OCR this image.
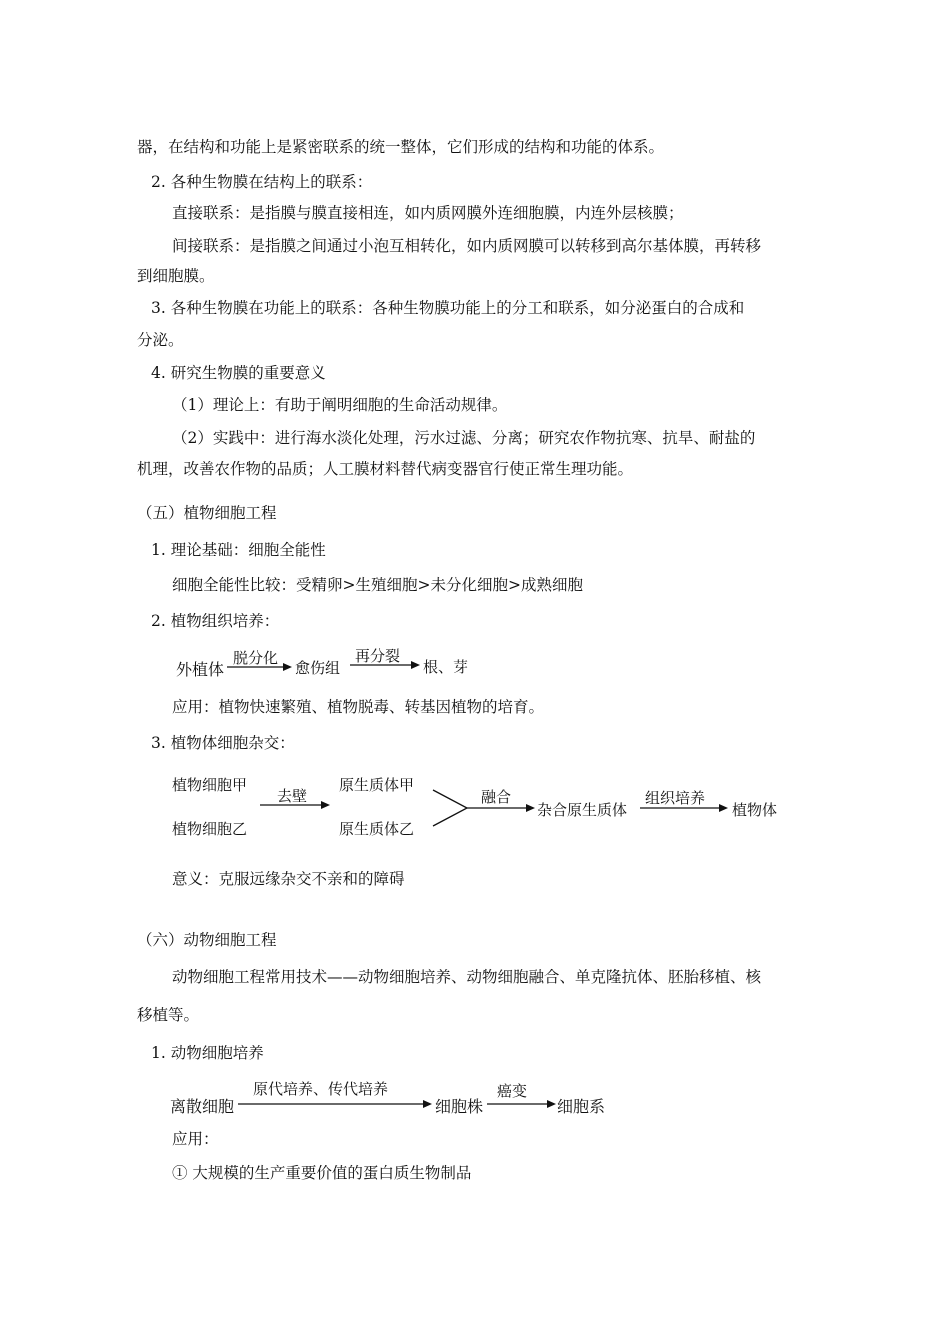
器，在结构和功能上是紧密联系的统一整体，它们形成的结构和功能的体系。
2. 各种生物膜在结构上的联系：
直接联系：是指膜与膜直接相连，如内质网膜外连细胞膜，内连外层核膜；
间接联系：是指膜之间通过小泡互相转化，如内质网膜可以转移到高尔基体膜，再转移
到细胞膜。
3. 各种生物膜在功能上的联系：各种生物膜功能上的分工和联系，如分泌蛋白的合成和
分泌。
4. 研究生物膜的重要意义
（1）理论上：有助于阐明细胞的生命活动规律。
（2）实践中：进行海水淡化处理，污水过滤、分离；研究农作物抗寒、抗旱、耐盐的
机理，改善农作物的品质；人工膜材料替代病变器官行使正常生理功能。
（五）植物细胞工程
1. 理论基础：细胞全能性
细胞全能性比较：受精卵>生殖细胞>未分化细胞>成熟细胞
2. 植物组织培养：
外植体
脱分化
愈伤组
再分裂
根、芽
应用：植物快速繁殖、植物脱毒、转基因植物的培育。
3. 植物体细胞杂交：
植物细胞甲
植物细胞乙
去壁
原生质体甲
原生质体乙
融合
杂合原生质体
组织培养
植物体
意义：克服远缘杂交不亲和的障碍
（六）动物细胞工程
动物细胞工程常用技术——动物细胞培养、动物细胞融合、单克隆抗体、胚胎移植、核
移植等。
1. 动物细胞培养
离散细胞
原代培养、传代培养
细胞株
癌变
细胞系
应用：
① 大规模的生产重要价值的蛋白质生物制品
